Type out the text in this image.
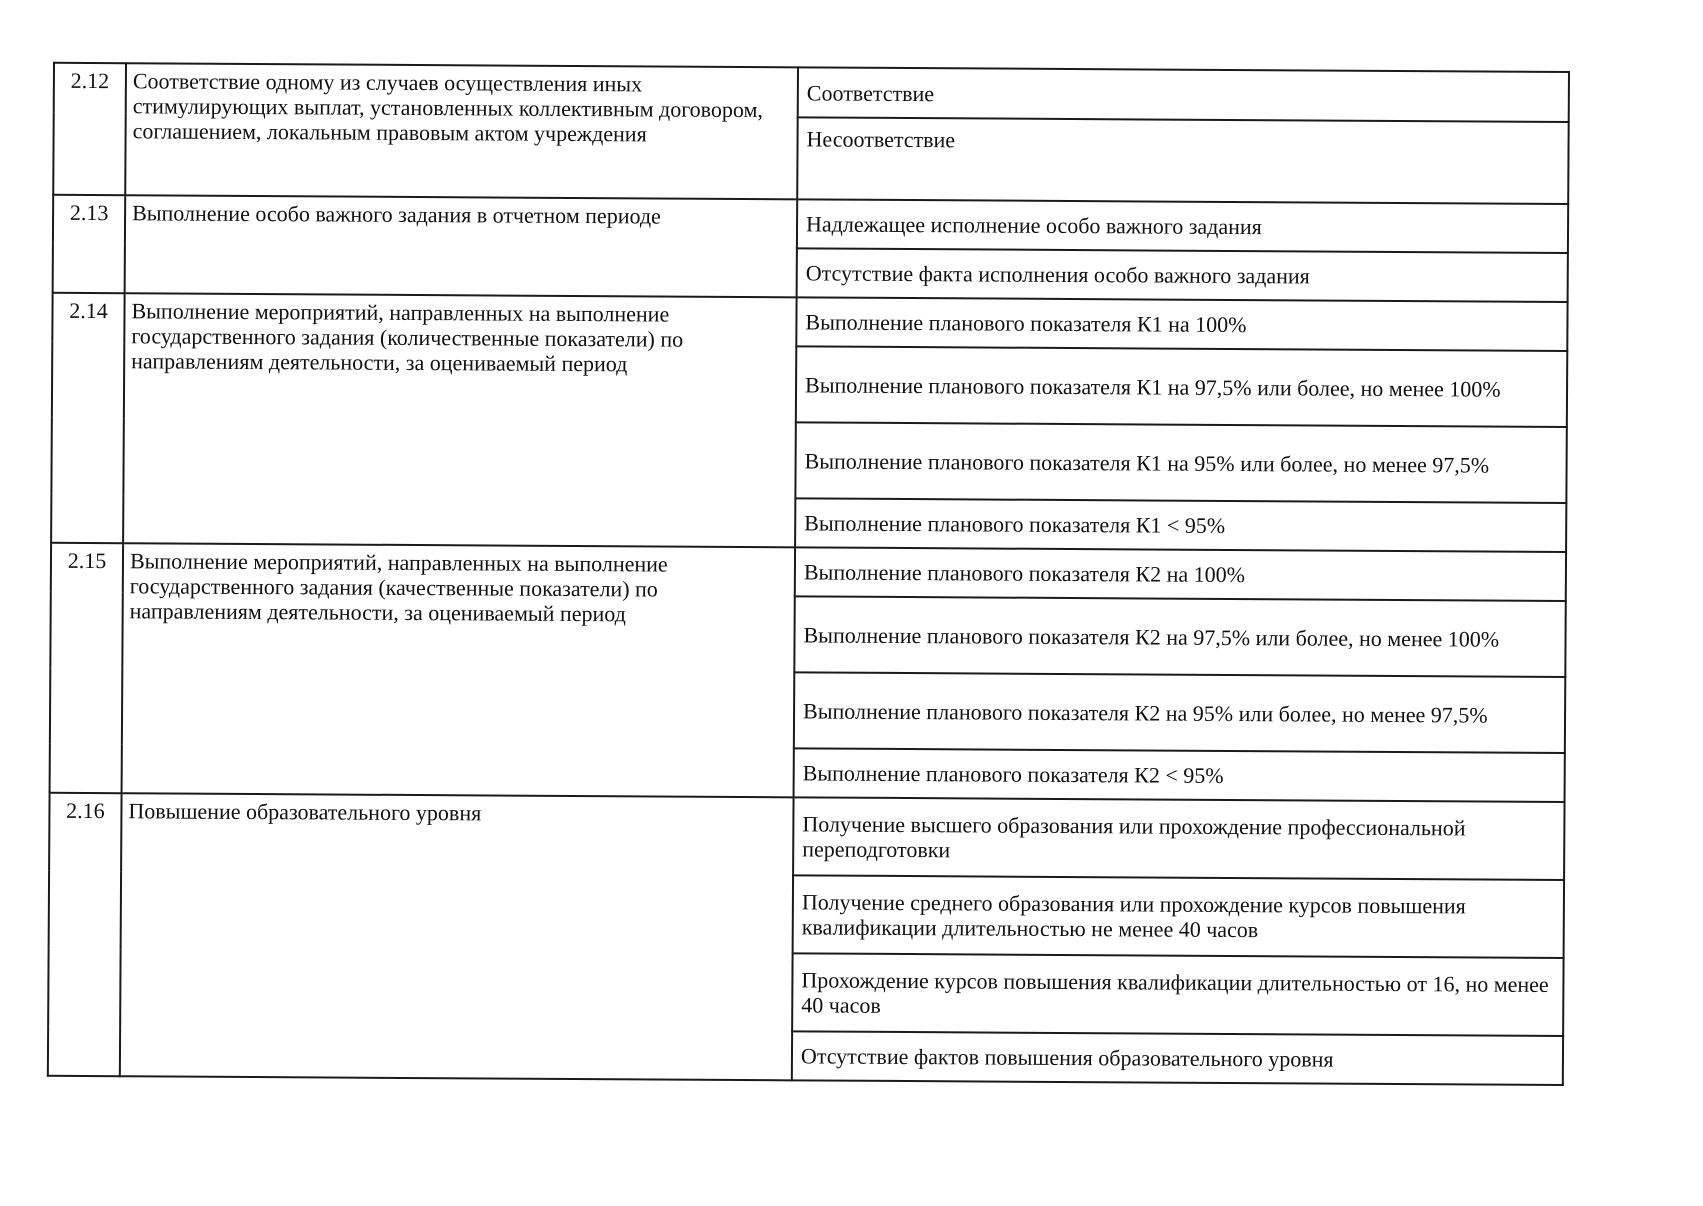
2.12	Соответствие одному из случаев осуществления иных стимулирующих выплат, установленных коллективным договором, соглашением, локальным правовым актом учреждения	Соответствие
		Несоответствие
2.13	Выполнение особо важного задания в отчетном периоде	Надлежащее исполнение особо важного задания
		Отсутствие факта исполнения особо важного задания
2.14	Выполнение мероприятий, направленных на выполнение государственного задания (количественные показатели) по направлениям деятельности, за оцениваемый период	Выполнение планового показателя К1 на 100%
		Выполнение планового показателя К1 на 97,5% или более, но менее 100%
		Выполнение планового показателя К1 на 95% или более, но менее 97,5%
		Выполнение планового показателя К1 < 95%
2.15	Выполнение мероприятий, направленных на выполнение государственного задания (качественные показатели) по направлениям деятельности, за оцениваемый период	Выполнение планового показателя К2 на 100%
		Выполнение планового показателя К2 на 97,5% или более, но менее 100%
		Выполнение планового показателя К2 на 95% или более, но менее 97,5%
		Выполнение планового показателя К2 < 95%
2.16	Повышение образовательного уровня	Получение высшего образования или прохождение профессиональной переподготовки
		Получение среднего образования или прохождение курсов повышения квалификации длительностью не менее 40 часов
		Прохождение курсов повышения квалификации длительностью от 16, но менее 40 часов
		Отсутствие фактов повышения образовательного уровня
